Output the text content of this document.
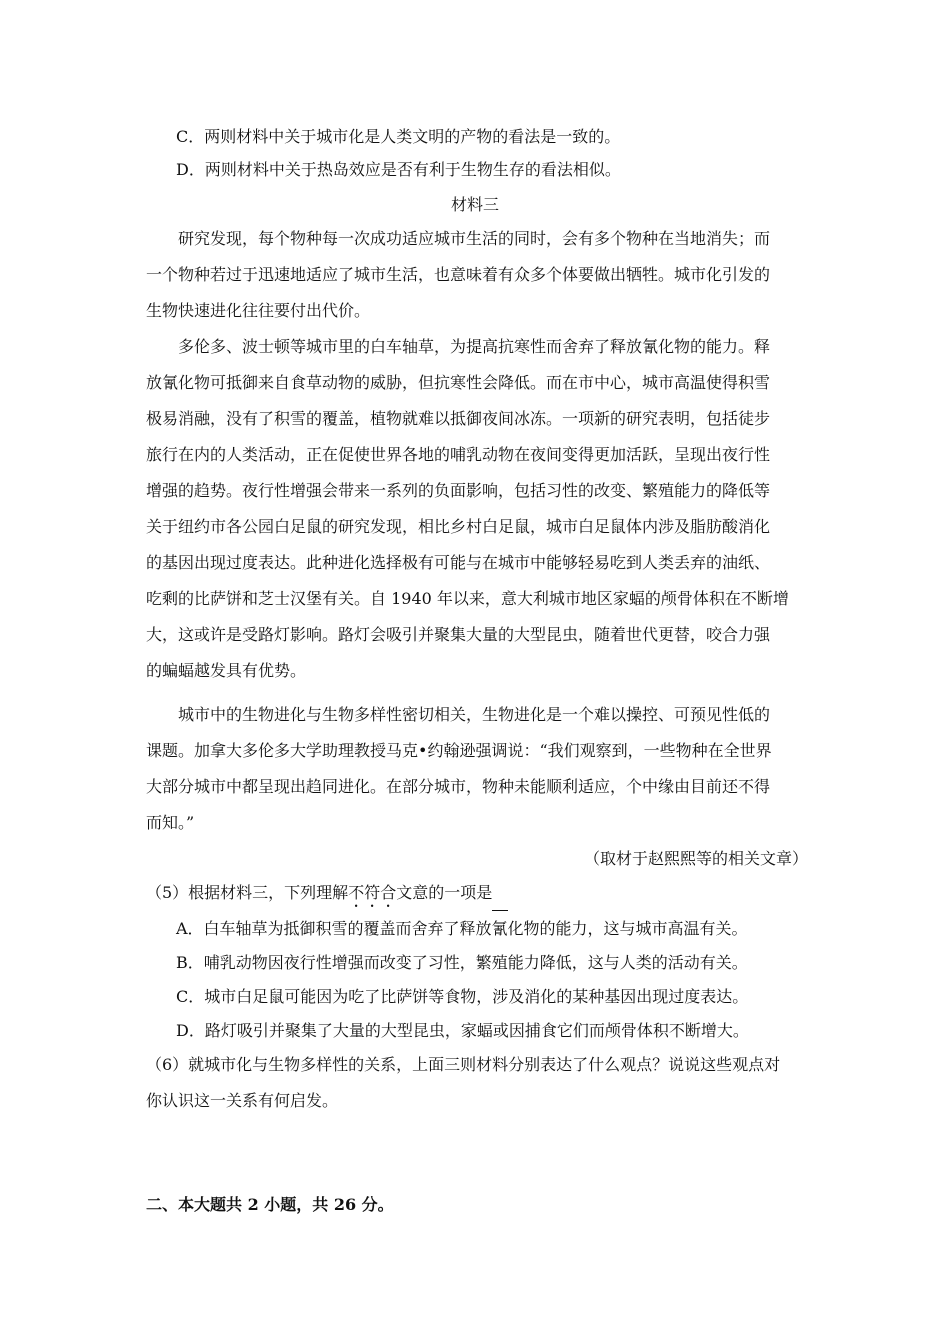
C．两则材料中关于城市化是人类文明的产物的看法是一致的。
D．两则材料中关于热岛效应是否有利于生物生存的看法相似。
材料三
研究发现，每个物种每一次成功适应城市生活的同时，会有多个物种在当地消失；而
一个物种若过于迅速地适应了城市生活，也意味着有众多个体要做出牺牲。城市化引发的
生物快速进化往往要付出代价。
多伦多、波士顿等城市里的白车轴草，为提高抗寒性而舍弃了释放氰化物的能力。释
放氰化物可抵御来自食草动物的威胁，但抗寒性会降低。而在市中心，城市高温使得积雪
极易消融，没有了积雪的覆盖，植物就难以抵御夜间冰冻。一项新的研究表明，包括徒步
旅行在内的人类活动，正在促使世界各地的哺乳动物在夜间变得更加活跃，呈现出夜行性
增强的趋势。夜行性增强会带来一系列的负面影响，包括习性的改变、繁殖能力的降低等
关于纽约市各公园白足鼠的研究发现，相比乡村白足鼠，城市白足鼠体内涉及脂肪酸消化
的基因出现过度表达。此种进化选择极有可能与在城市中能够轻易吃到人类丢弃的油纸、
吃剩的比萨饼和芝士汉堡有关。自 1940 年以来，意大利城市地区家蝠的颅骨体积在不断增
大，这或许是受路灯影响。路灯会吸引并聚集大量的大型昆虫，随着世代更替，咬合力强
的蝙蝠越发具有优势。
城市中的生物进化与生物多样性密切相关，生物进化是一个难以操控、可预见性低的
课题。加拿大多伦多大学助理教授马克•约翰逊强调说：“我们观察到，一些物种在全世界
大部分城市中都呈现出趋同进化。在部分城市，物种未能顺利适应，个中缘由目前还不得
而知。”
（取材于赵熙熙等的相关文章）
（5）根据材料三，下列理解不符合文意的一项是
A．白车轴草为抵御积雪的覆盖而舍弃了释放氰化物的能力，这与城市高温有关。
B．哺乳动物因夜行性增强而改变了习性，繁殖能力降低，这与人类的活动有关。
C．城市白足鼠可能因为吃了比萨饼等食物，涉及消化的某种基因出现过度表达。
D．路灯吸引并聚集了大量的大型昆虫，家蝠或因捕食它们而颅骨体积不断增大。
（6）就城市化与生物多样性的关系，上面三则材料分别表达了什么观点？说说这些观点对
你认识这一关系有何启发。
二、本大题共 2 小题，共 26 分。
